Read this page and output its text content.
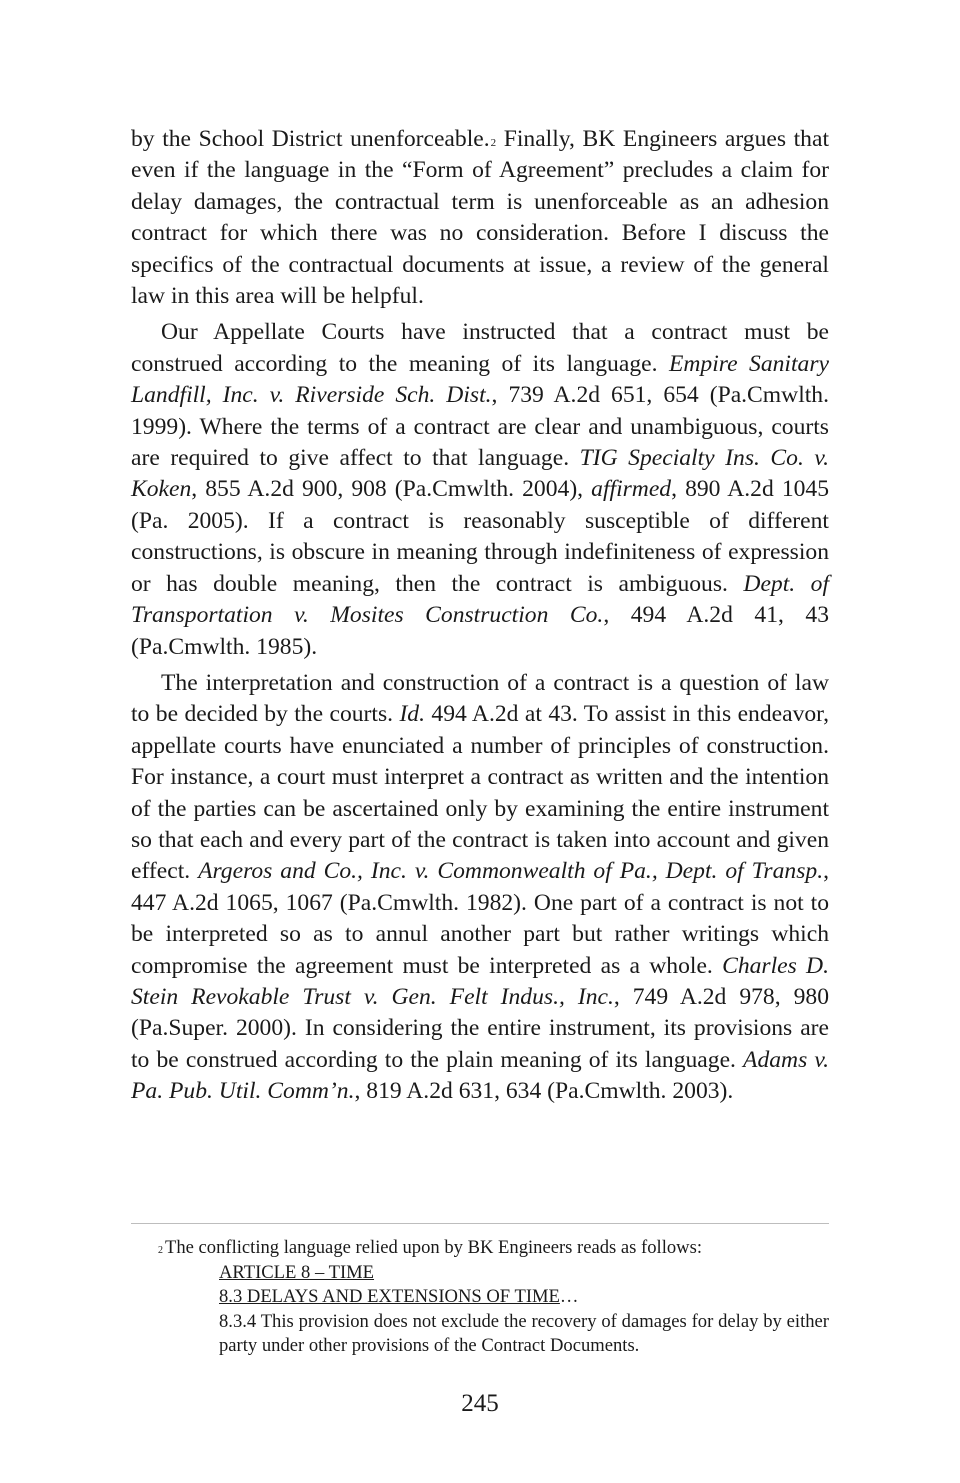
by the School District unenforceable.$^2$ Finally, BK Engineers argues that even if the language in the “Form of Agreement” precludes a claim for delay damages, the contractual term is unenforceable as an adhesion contract for which there was no consideration. Before I discuss the specifics of the contractual documents at issue, a review of the general law in this area will be helpful.

Our Appellate Courts have instructed that a contract must be construed according to the meaning of its language. Empire Sanitary Landfill, Inc. v. Riverside Sch. Dist., 739 A.2d 651, 654 (Pa.Cmwlth. 1999). Where the terms of a contract are clear and unambiguous, courts are required to give affect to that language. TIG Specialty Ins. Co. v. Koken, 855 A.2d 900, 908 (Pa.Cmwlth. 2004), affirmed, 890 A.2d 1045 (Pa. 2005). If a contract is reasonably susceptible of different constructions, is obscure in meaning through indefiniteness of expression or has double meaning, then the contract is ambiguous. Dept. of Transportation v. Mosites Construction Co., 494 A.2d 41, 43 (Pa.Cmwlth. 1985).

The interpretation and construction of a contract is a question of law to be decided by the courts. Id. 494 A.2d at 43. To assist in this endeavor, appellate courts have enunciated a number of principles of construction. For instance, a court must interpret a contract as written and the intention of the parties can be ascertained only by examining the entire instrument so that each and every part of the contract is taken into account and given effect. Argeros and Co., Inc. v. Commonwealth of Pa., Dept. of Transp., 447 A.2d 1065, 1067 (Pa.Cmwlth. 1982). One part of a contract is not to be interpreted so as to annul another part but rather writings which compromise the agreement must be interpreted as a whole. Charles D. Stein Revokable Trust v. Gen. Felt Indus., Inc., 749 A.2d 978, 980 (Pa.Super. 2000). In considering the entire instrument, its provisions are to be construed according to the plain meaning of its language. Adams v. Pa. Pub. Util. Comm’n., 819 A.2d 631, 634 (Pa.Cmwlth. 2003).

$^2$ The conflicting language relied upon by BK Engineers reads as follows:

ARTICLE 8 – TIME

8.3 DELAYS AND EXTENSIONS OF TIME…

8.3.4 This provision does not exclude the recovery of damages for delay by either party under other provisions of the Contract Documents.

245
